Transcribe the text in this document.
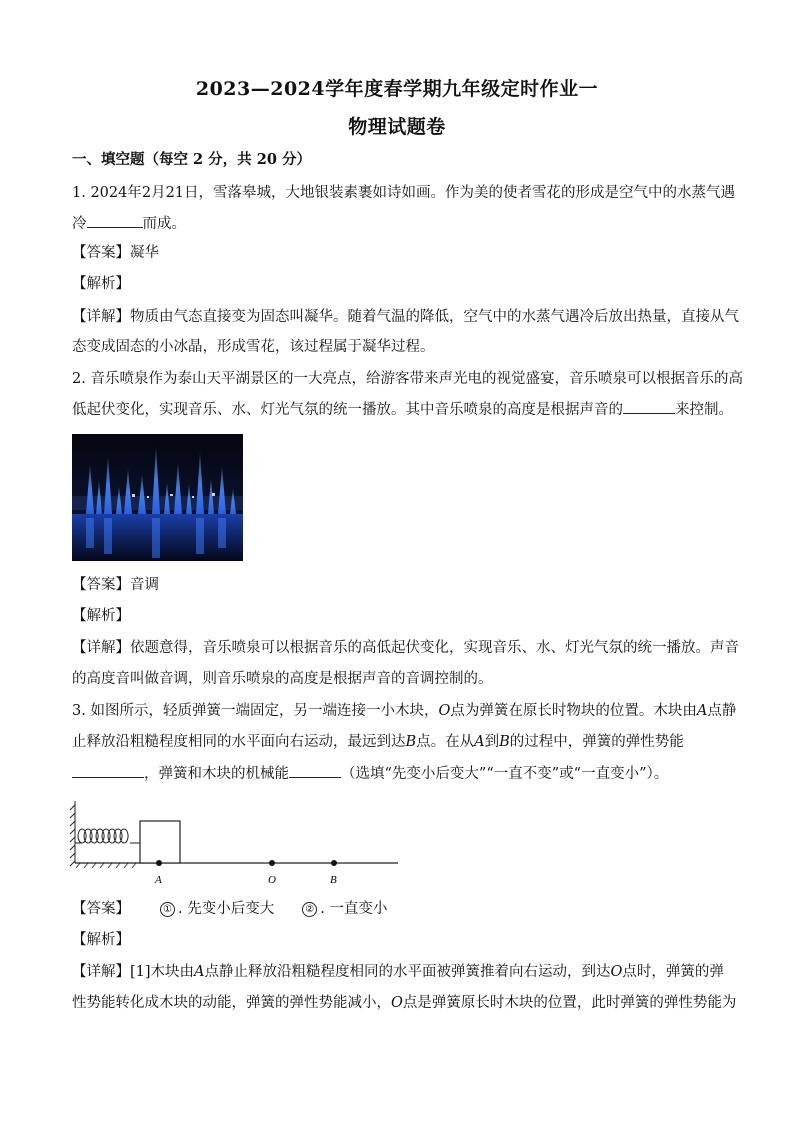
2023—2024学年度春学期九年级定时作业一
物理试题卷
一、填空题（每空 2 分，共 20 分）
1. 2024年2月21日，雪落皋城，大地银装素裹如诗如画。作为美的使者雪花的形成是空气中的水蒸气遇
冷	而成。
【答案】凝华
【解析】
【详解】物质由气态直接变为固态叫凝华。随着气温的降低，空气中的水蒸气遇冷后放出热量，直接从气
态变成固态的小冰晶，形成雪花，该过程属于凝华过程。
2. 音乐喷泉作为泰山天平湖景区的一大亮点，给游客带来声光电的视觉盛宴，音乐喷泉可以根据音乐的高
低起伏变化，实现音乐、水、灯光气氛的统一播放。其中音乐喷泉的高度是根据声音的	来控制。
【答案】音调
【解析】
【详解】依题意得，音乐喷泉可以根据音乐的高低起伏变化，实现音乐、水、灯光气氛的统一播放。声音
的高度音叫做音调，则音乐喷泉的高度是根据声音的音调控制的。
3. 如图所示，轻质弹簧一端固定，另一端连接一小木块，O点为弹簧在原长时物块的位置。木块由A点静
止释放沿粗糙程度相同的水平面向右运动，最远到达B点。在从A到B的过程中，弹簧的弹性势能
，弹簧和木块的机械能	（选填“先变小后变大”“一直不变”或“一直变小”）。
A	O	B
【答案】	① . 先变小后变大	② . 一直变小
【解析】
【详解】[1]木块由A点静止释放沿粗糙程度相同的水平面被弹簧推着向右运动，到达O点时，弹簧的弹
性势能转化成木块的动能，弹簧的弹性势能减小，O点是弹簧原长时木块的位置，此时弹簧的弹性势能为
